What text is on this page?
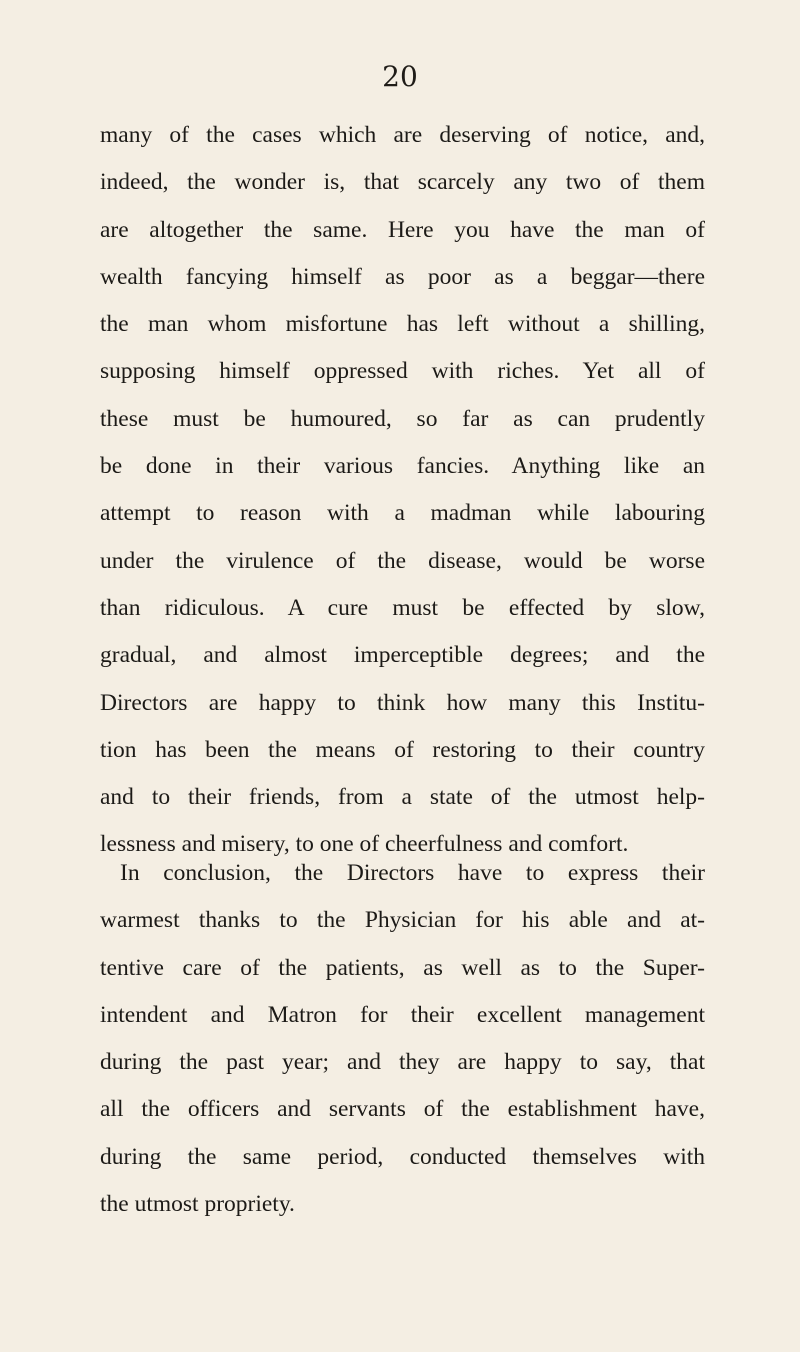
20
many of the cases which are deserving of notice, and,
indeed, the wonder is, that scarcely any two of them
are altogether the same. Here you have the man of
wealth fancying himself as poor as a beggar—there
the man whom misfortune has left without a shilling,
supposing himself oppressed with riches. Yet all of
these must be humoured, so far as can prudently
be done in their various fancies. Anything like an
attempt to reason with a madman while labouring
under the virulence of the disease, would be worse
than ridiculous. A cure must be effected by slow,
gradual, and almost imperceptible degrees; and the
Directors are happy to think how many this Institu-
tion has been the means of restoring to their country
and to their friends, from a state of the utmost help-
lessness and misery, to one of cheerfulness and comfort.
In conclusion, the Directors have to express their
warmest thanks to the Physician for his able and at-
tentive care of the patients, as well as to the Super-
intendent and Matron for their excellent management
during the past year; and they are happy to say, that
all the officers and servants of the establishment have,
during the same period, conducted themselves with
the utmost propriety.
